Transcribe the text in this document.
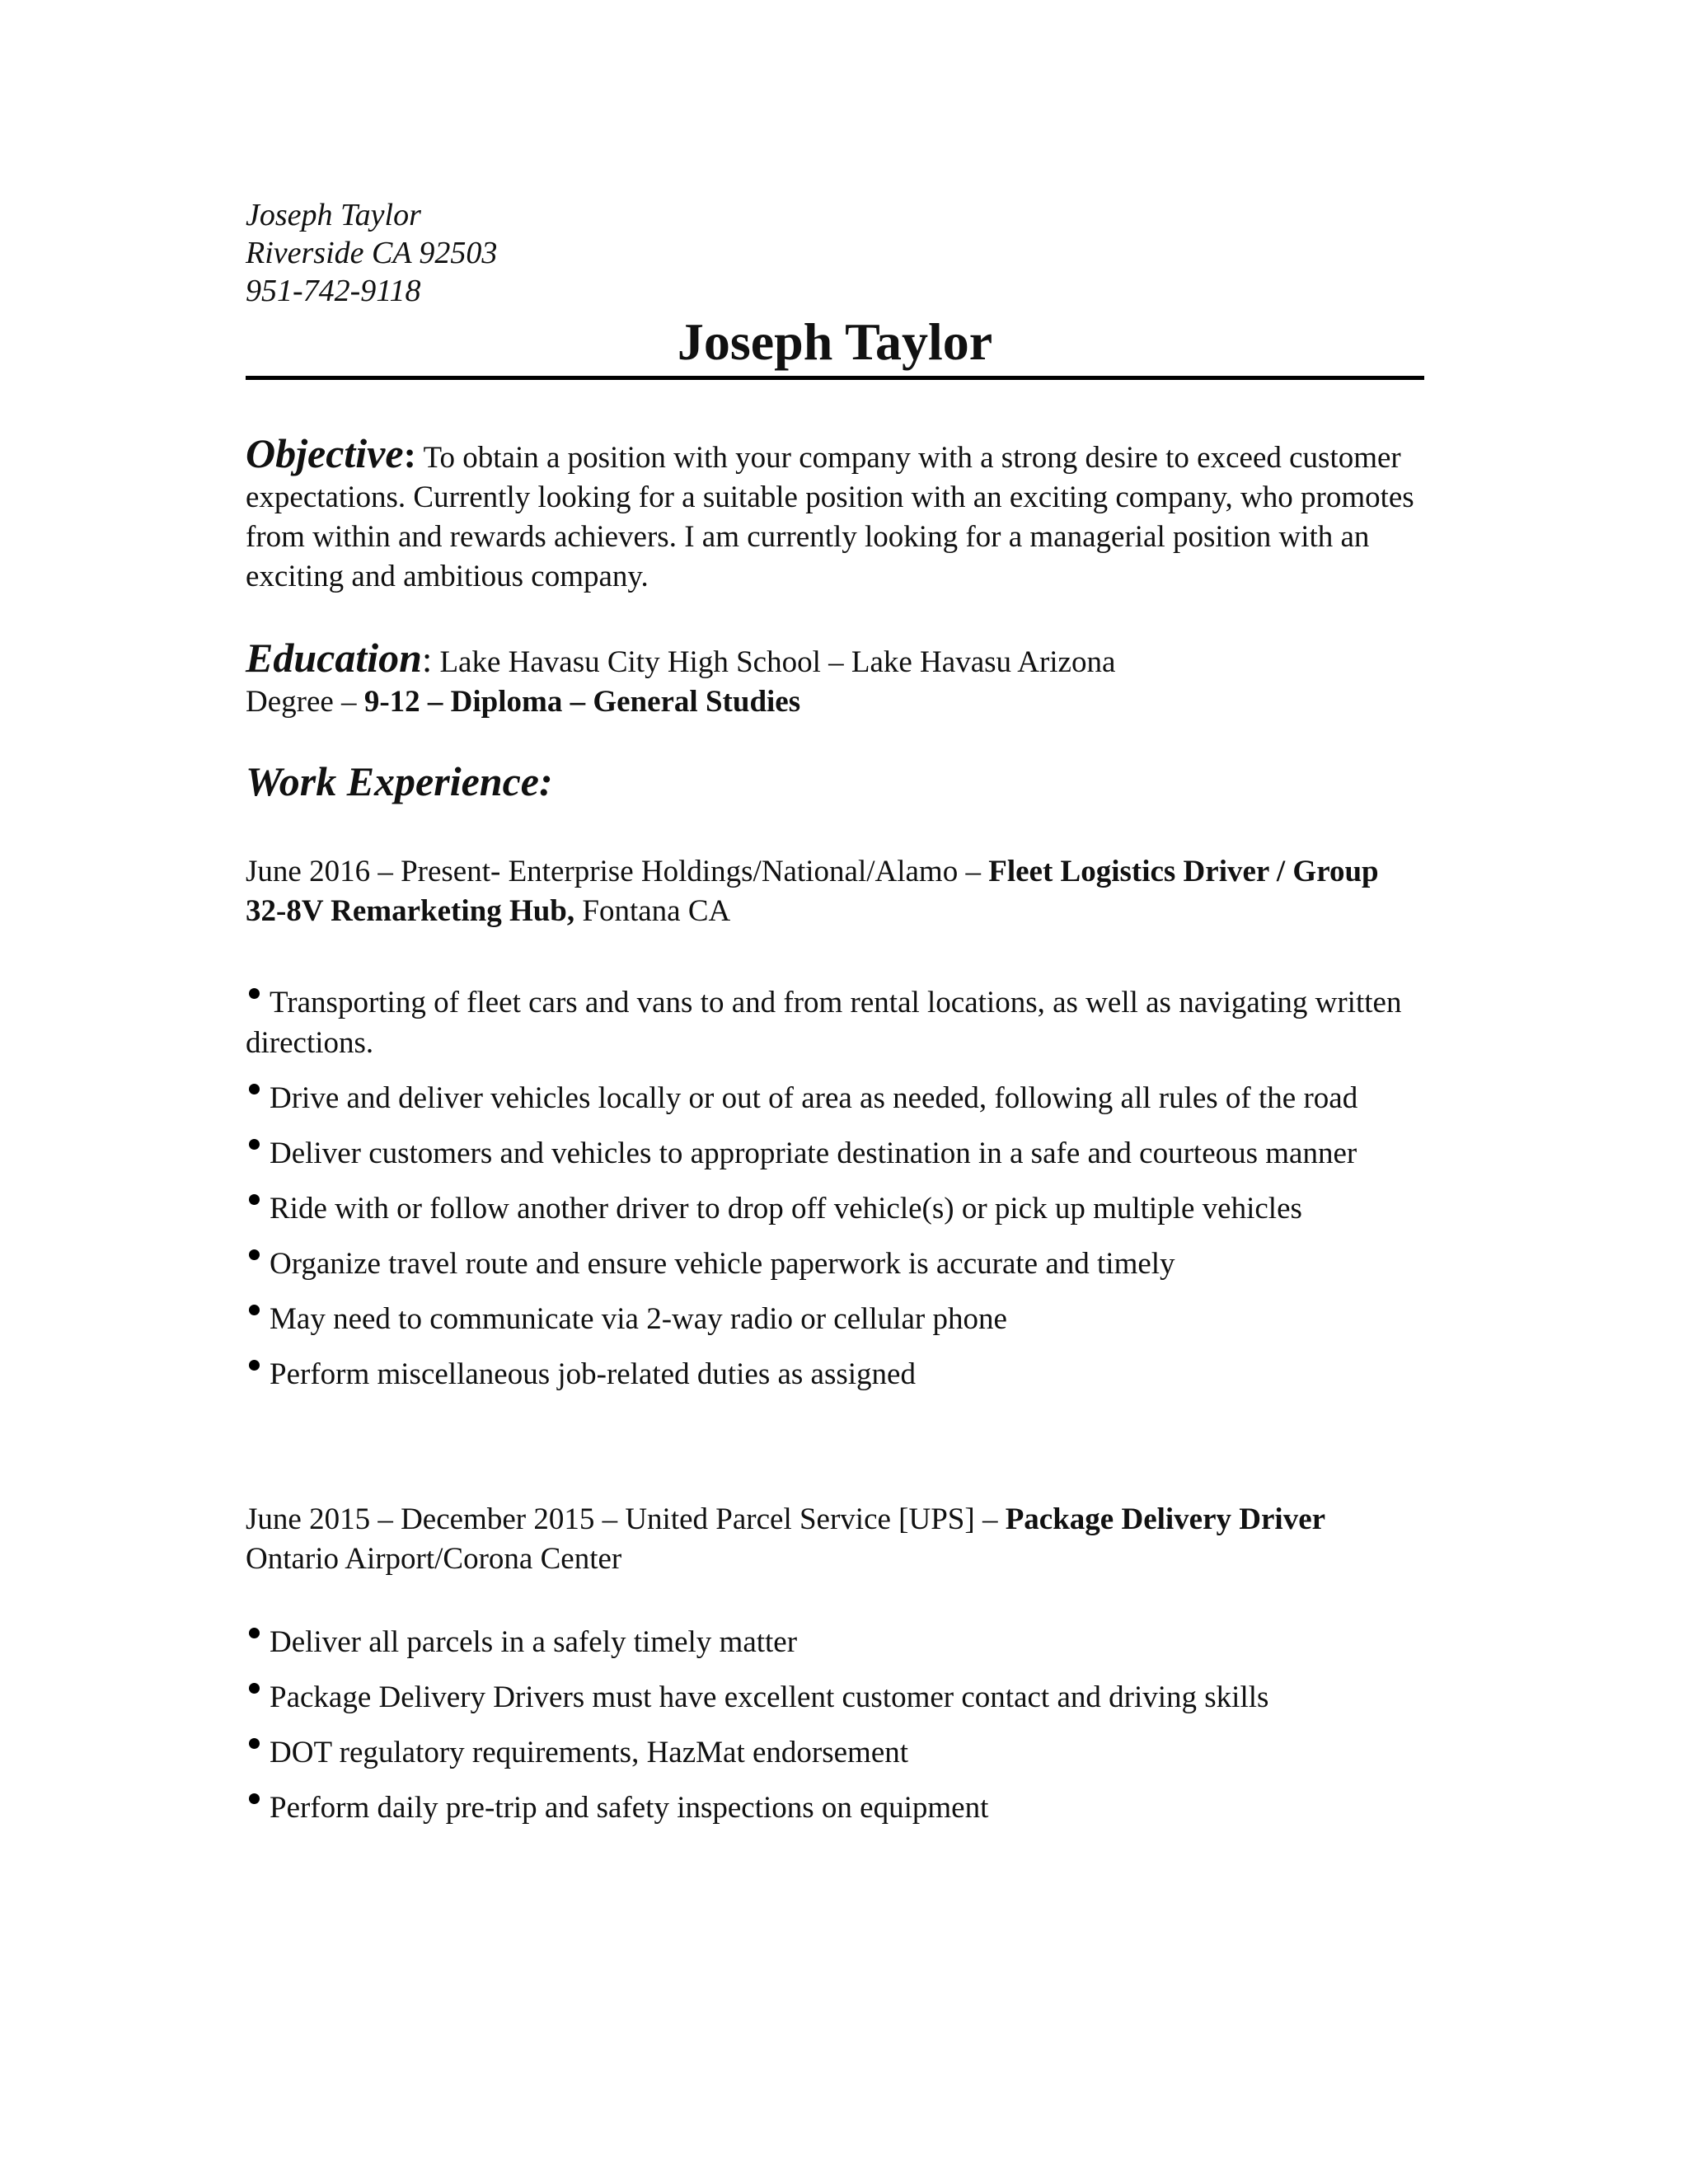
Joseph Taylor
Riverside CA 92503
951-742-9118
Joseph Taylor
Objective: To obtain a position with your company with a strong desire to exceed customer expectations. Currently looking for a suitable position with an exciting company, who promotes from within and rewards achievers. I am currently looking for a managerial position with an exciting and ambitious company.
Education: Lake Havasu City High School – Lake Havasu Arizona
Degree – 9-12 – Diploma – General Studies
Work Experience:
June 2016 – Present- Enterprise Holdings/National/Alamo – Fleet Logistics Driver / Group 32-8V Remarketing Hub, Fontana CA
Transporting of fleet cars and vans to and from rental locations, as well as navigating written directions.
Drive and deliver vehicles locally or out of area as needed, following all rules of the road
Deliver customers and vehicles to appropriate destination in a safe and courteous manner
Ride with or follow another driver to drop off vehicle(s) or pick up multiple vehicles
Organize travel route and ensure vehicle paperwork is accurate and timely
May need to communicate via 2-way radio or cellular phone
Perform miscellaneous job-related duties as assigned
June 2015 – December 2015 – United Parcel Service [UPS] – Package Delivery Driver Ontario Airport/Corona Center
Deliver all parcels in a safely timely matter
Package Delivery Drivers must have excellent customer contact and driving skills
DOT regulatory requirements, HazMat endorsement
Perform daily pre-trip and safety inspections on equipment
